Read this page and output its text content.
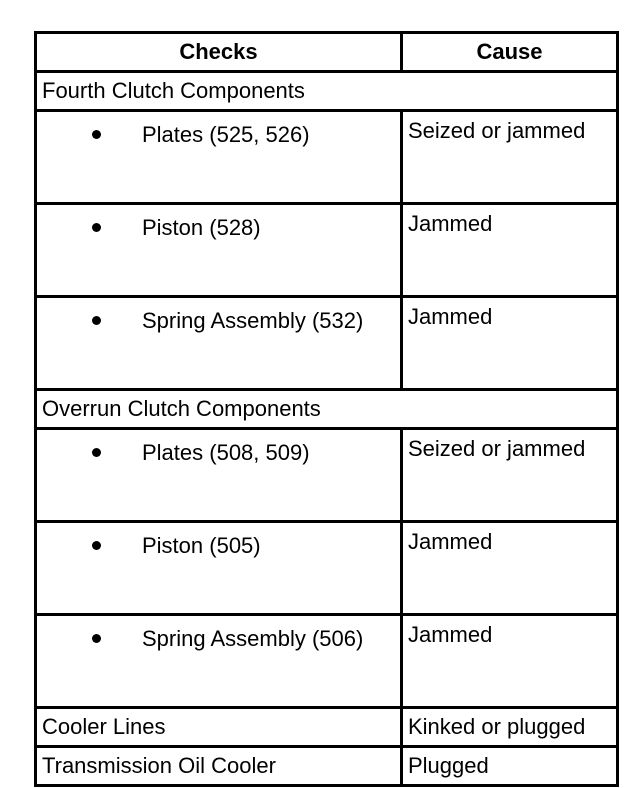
Checks	Cause
Fourth Clutch Components	

Plates (525, 526)	Seized or jammed

Piston (528)	Jammed

Spring Assembly (532)	Jammed
Overrun Clutch Components	

Plates (508, 509)	Seized or jammed

Piston (505)	Jammed

Spring Assembly (506)	Jammed
Cooler Lines	Kinked or plugged
Transmission Oil Cooler	Plugged
